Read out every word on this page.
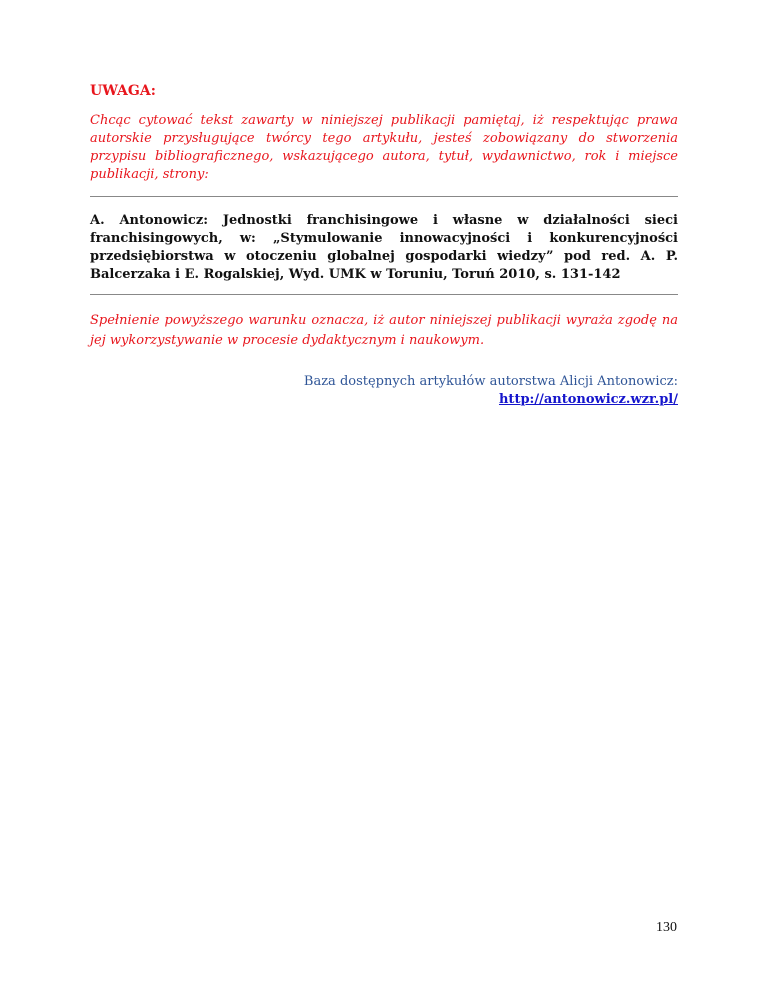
UWAGA:

Chcąc cytować tekst zawarty w niniejszej publikacji pamiętaj, iż respektując prawa autorskie przysługujące twórcy tego artykułu, jesteś zobowiązany do stworzenia przypisu bibliograficznego, wskazującego autora, tytuł, wydawnictwo, rok i miejsce publikacji, strony:

A. Antonowicz: Jednostki franchisingowe i własne w działalności sieci franchisingowych, w: „Stymulowanie innowacyjności i konkurencyjności przedsiębiorstwa w otoczeniu globalnej gospodarki wiedzy” pod red. A. P. Balcerzaka i E. Rogalskiej, Wyd. UMK w Toruniu, Toruń 2010, s. 131-142

Spełnienie powyższego warunku oznacza, iż autor niniejszej publikacji wyraża zgodę na jej wykorzystywanie w procesie dydaktycznym i naukowym.

Baza dostępnych artykułów autorstwa Alicji Antonowicz:
http://antonowicz.wzr.pl/
130
